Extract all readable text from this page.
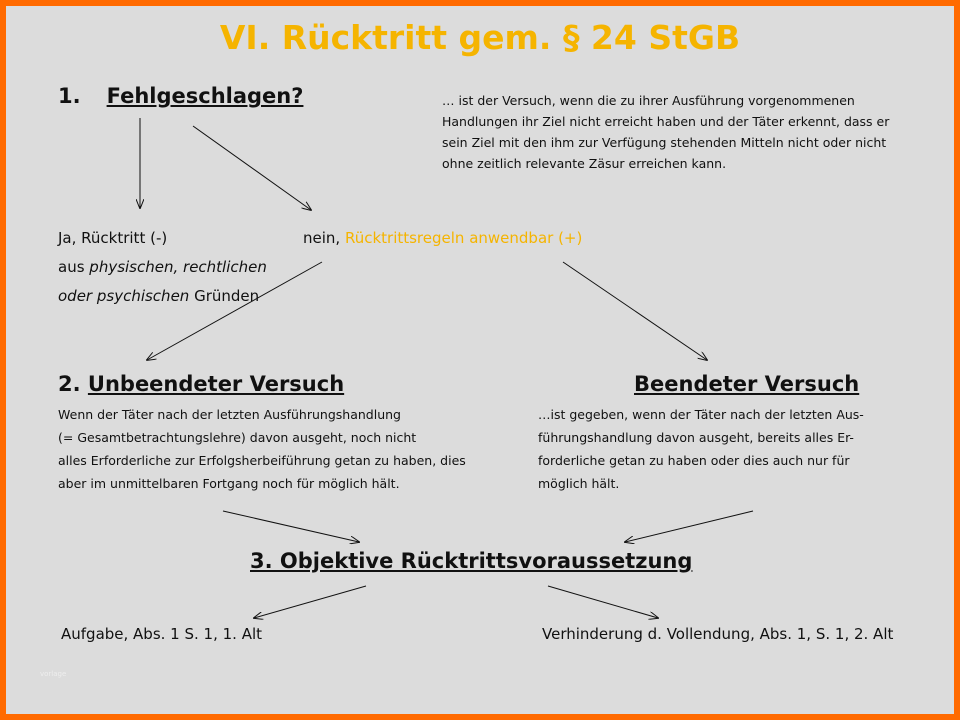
VI. Rücktritt gem. § 24 StGB
1. Fehlgeschlagen?	… ist der Versuch, wenn die zu ihrer Ausführung vorgenommenen
Handlungen ihr Ziel nicht erreicht haben und der Täter erkennt, dass er
sein Ziel mit den ihm zur Verfügung stehenden Mitteln nicht oder nicht
ohne zeitlich relevante Zäsur erreichen kann.
Ja, Rücktritt (-)
aus physischen, rechtlichen
oder psychischen Gründen
nein, Rücktrittsregeln anwendbar (+)
2. Unbeendeter Versuch
Wenn der Täter nach der letzten Ausführungshandlung
(= Gesamtbetrachtungslehre) davon ausgeht, noch nicht
alles Erforderliche zur Erfolgsherbeiführung getan zu haben, dies
aber im unmittelbaren Fortgang noch für möglich hält.
Beendeter Versuch
…ist gegeben, wenn der Täter nach der letzten Aus-
führungshandlung davon ausgeht, bereits alles Er-
forderliche getan zu haben oder dies auch nur für
möglich hält.
3. Objektive Rücktrittsvoraussetzung
Aufgabe, Abs. 1 S. 1, 1. Alt	Verhinderung d. Vollendung, Abs. 1, S. 1, 2. Alt
vorlage
